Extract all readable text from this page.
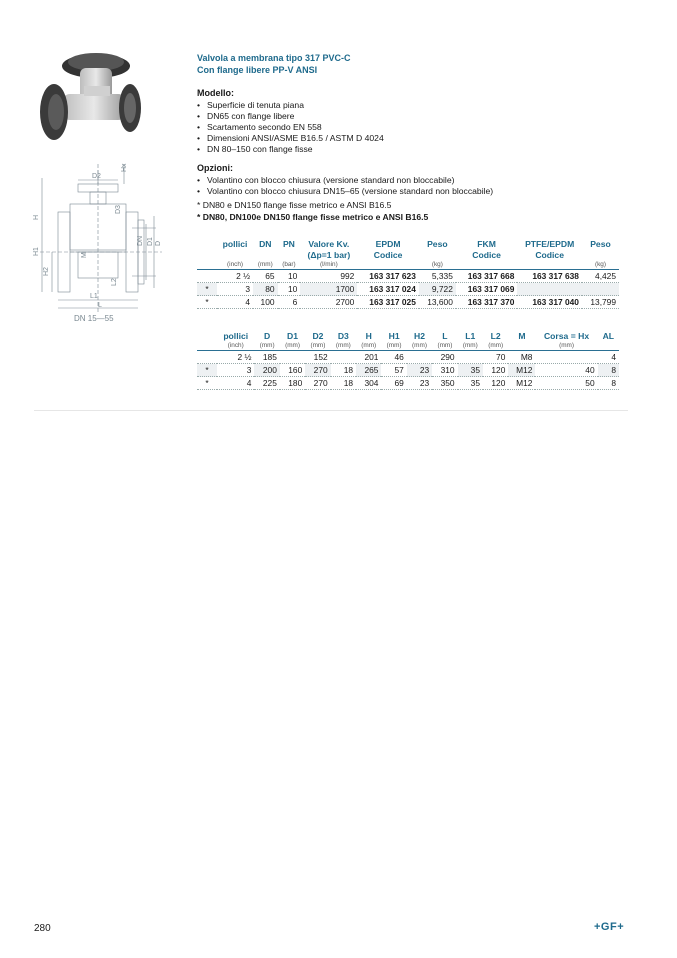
D2
Hx
H
H1
H2
M
L
L1
L2
D3
DN D1 D
DN 15—55
Valvola a membrana tipo 317 PVC-C
Con flange libere PP-V ANSI
Modello:
• Superficie di tenuta piana
• DN65 con flange libere
• Scartamento secondo EN 558
• Dimensioni ANSI/ASME B16.5 / ASTM D 4024
• DN 80–150 con flange fisse
Opzioni:
• Volantino con blocco chiusura (versione standard non bloccabile)
• Volantino con blocco chiusura DN15–65 (versione standard non bloccabile)
* DN80 e DN150 flange fisse metrico e ANSI B16.5
* DN80, DN100e DN150 flange fisse metrico e ANSI B16.5
	pollici	DN	PN	Valore Kv.	EPDM	Peso	FKM	PTFE/EPDM	Peso
				(Δp=1 bar)	Codice		Codice	Codice	
	(inch)	(mm)	(bar)	(l/min)		(kg)			(kg)
	2 ½	65	10	992	163 317 623	5,335	163 317 668	163 317 638	4,425
*	3	80	10	1700	163 317 024	9,722	163 317 069		
*	4	100	6	2700	163 317 025	13,600	163 317 370	163 317 040	13,799
	pollici	D	D1	D2	D3	H	H1	H2	L	L1	L2	M	Corsa = Hx	AL
	(inch)	(mm)	(mm)	(mm)	(mm)	(mm)	(mm)	(mm)	(mm)	(mm)	(mm)		(mm)	
	2 ½	185		152		201	46		290		70	M8		4
*	3	200	160	270	18	265	57	23	310	35	120	M12	40	8
*	4	225	180	270	18	304	69	23	350	35	120	M12	50	8
280	+GF+
